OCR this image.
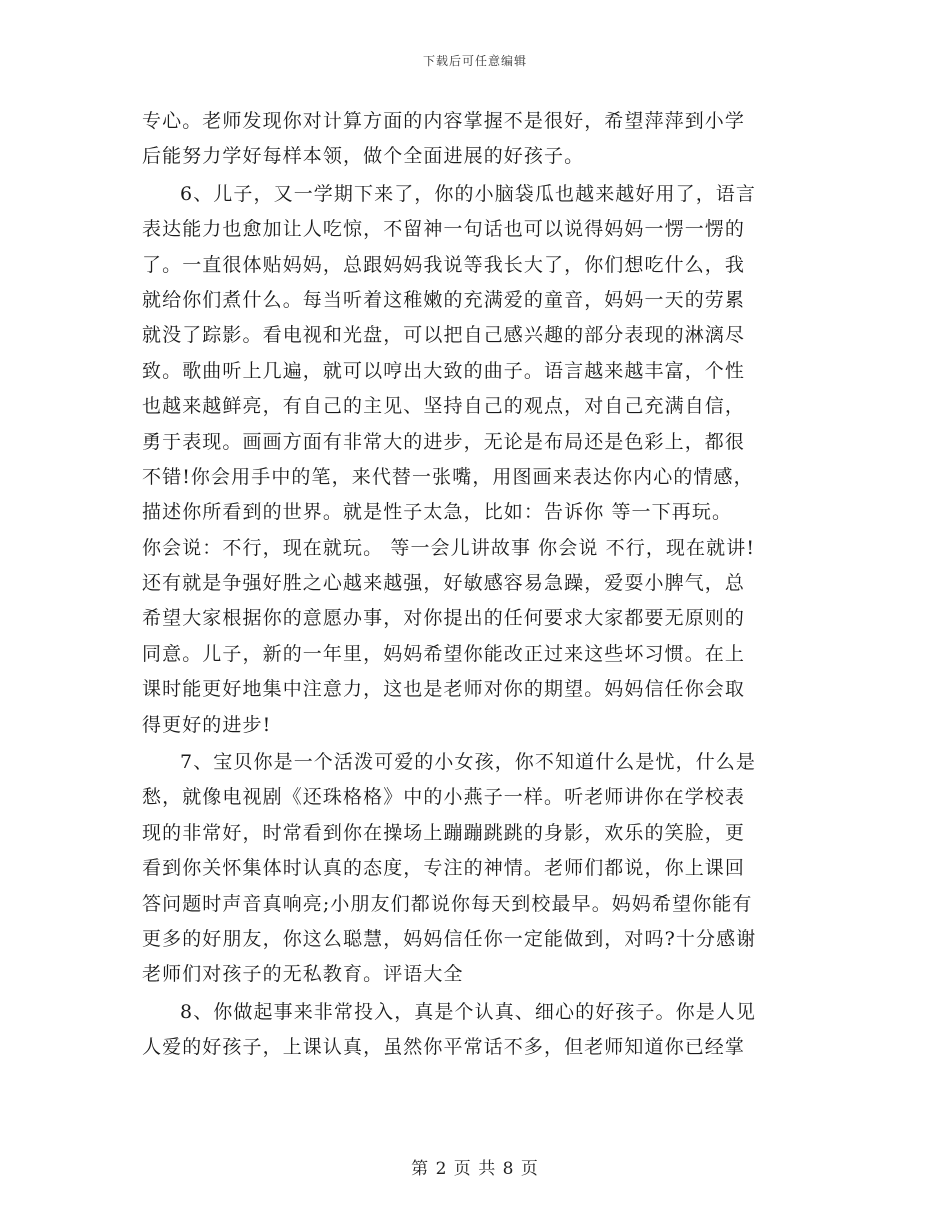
下载后可任意编辑
专心。老师发现你对计算方面的内容掌握不是很好，希望萍萍到小学
后能努力学好每样本领，做个全面进展的好孩子。
6、儿子，又一学期下来了，你的小脑袋瓜也越来越好用了，语言
表达能力也愈加让人吃惊，不留神一句话也可以说得妈妈一愣一愣的
了。一直很体贴妈妈，总跟妈妈我说等我长大了，你们想吃什么，我
就给你们煮什么。每当听着这稚嫩的充满爱的童音，妈妈一天的劳累
就没了踪影。看电视和光盘，可以把自己感兴趣的部分表现的淋漓尽
致。歌曲听上几遍，就可以哼出大致的曲子。语言越来越丰富，个性
也越来越鲜亮，有自己的主见、坚持自己的观点，对自己充满自信，
勇于表现。画画方面有非常大的进步，无论是布局还是色彩上，都很
不错!你会用手中的笔，来代替一张嘴，用图画来表达你内心的情感，
描述你所看到的世界。就是性子太急，比如：告诉你 等一下再玩。
你会说：不行，现在就玩。 等一会儿讲故事 你会说 不行，现在就讲!
还有就是争强好胜之心越来越强，好敏感容易急躁，爱耍小脾气，总
希望大家根据你的意愿办事，对你提出的任何要求大家都要无原则的
同意。儿子，新的一年里，妈妈希望你能改正过来这些坏习惯。在上
课时能更好地集中注意力，这也是老师对你的期望。妈妈信任你会取
得更好的进步!
7、宝贝你是一个活泼可爱的小女孩，你不知道什么是忧，什么是
愁，就像电视剧《还珠格格》中的小燕子一样。听老师讲你在学校表
现的非常好，时常看到你在操场上蹦蹦跳跳的身影，欢乐的笑脸，更
看到你关怀集体时认真的态度，专注的神情。老师们都说，你上课回
答问题时声音真响亮;小朋友们都说你每天到校最早。妈妈希望你能有
更多的好朋友，你这么聪慧，妈妈信任你一定能做到，对吗?十分感谢
老师们对孩子的无私教育。评语大全
8、你做起事来非常投入，真是个认真、细心的好孩子。你是人见
人爱的好孩子，上课认真，虽然你平常话不多，但老师知道你已经掌
第 2 页 共 8 页
